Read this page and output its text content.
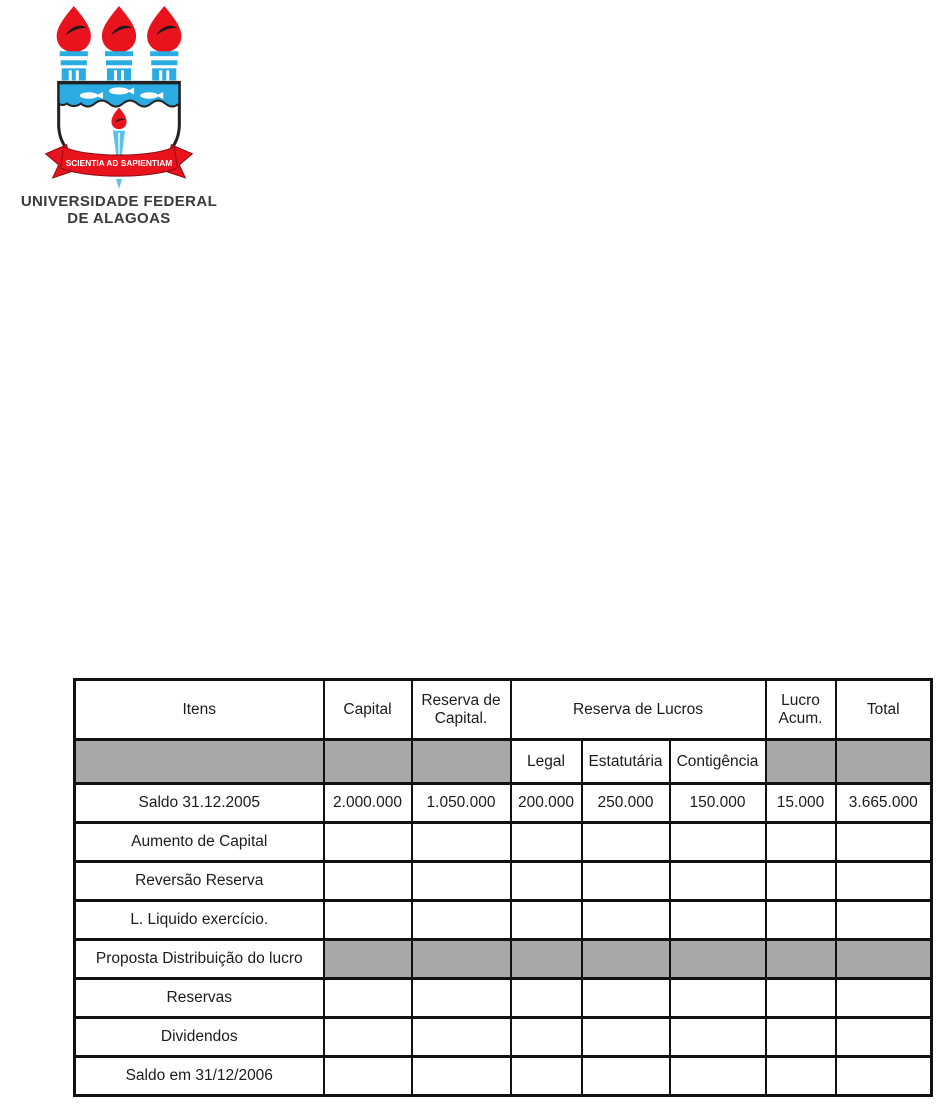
SCIENTIA AD SAPIENTIAM
UNIVERSIDADE FEDERAL
DE ALAGOAS
Itens	Capital	Reserva de Capital.	Reserva de Lucros			Lucro Acum.	Total
			Legal	Estatutária	Contigência		
Saldo 31.12.2005	2.000.000	1.050.000	200.000	250.000	150.000	15.000	3.665.000
Aumento de Capital							
Reversão Reserva							
L. Liquido exercício.							
Proposta Distribuição do lucro							
Reservas							
Dividendos							
Saldo em 31/12/2006							
